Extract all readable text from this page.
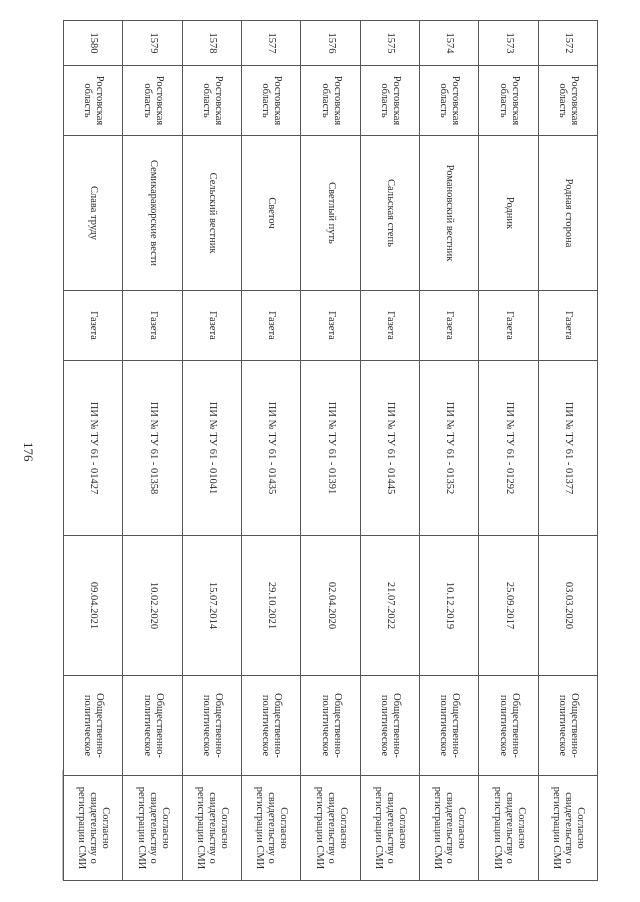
176
1572	Ростовская область	Родная сторона	Газета	ПИ № ТУ 61 - 01377	03.03.2020	Общественно-политическое	Согласно свидетельству о регистрации СМИ
1573	Ростовская область	Родник	Газета	ПИ № ТУ 61 - 01292	25.09.2017	Общественно-политическое	Согласно свидетельству о регистрации СМИ
1574	Ростовская область	Романовский вестник	Газета	ПИ № ТУ 61 - 01352	10.12.2019	Общественно-политическое	Согласно свидетельству о регистрации СМИ
1575	Ростовская область	Сальская степь	Газета	ПИ № ТУ 61 - 01445	21.07.2022	Общественно-политическое	Согласно свидетельству о регистрации СМИ
1576	Ростовская область	Светлый путь	Газета	ПИ № ТУ 61 - 01391	02.04.2020	Общественно-политическое	Согласно свидетельству о регистрации СМИ
1577	Ростовская область	Светоч	Газета	ПИ № ТУ 61 - 01435	29.10.2021	Общественно-политическое	Согласно свидетельству о регистрации СМИ
1578	Ростовская область	Сельский вестник	Газета	ПИ № ТУ 61 - 01041	15.07.2014	Общественно-политическое	Согласно свидетельству о регистрации СМИ
1579	Ростовская область	Семикаракорские вести	Газета	ПИ № ТУ 61 - 01358	10.02.2020	Общественно-политическое	Согласно свидетельству о регистрации СМИ
1580	Ростовская область	Слава труду	Газета	ПИ № ТУ 61 - 01427	09.04.2021	Общественно-политическое	Согласно свидетельству о регистрации СМИ
